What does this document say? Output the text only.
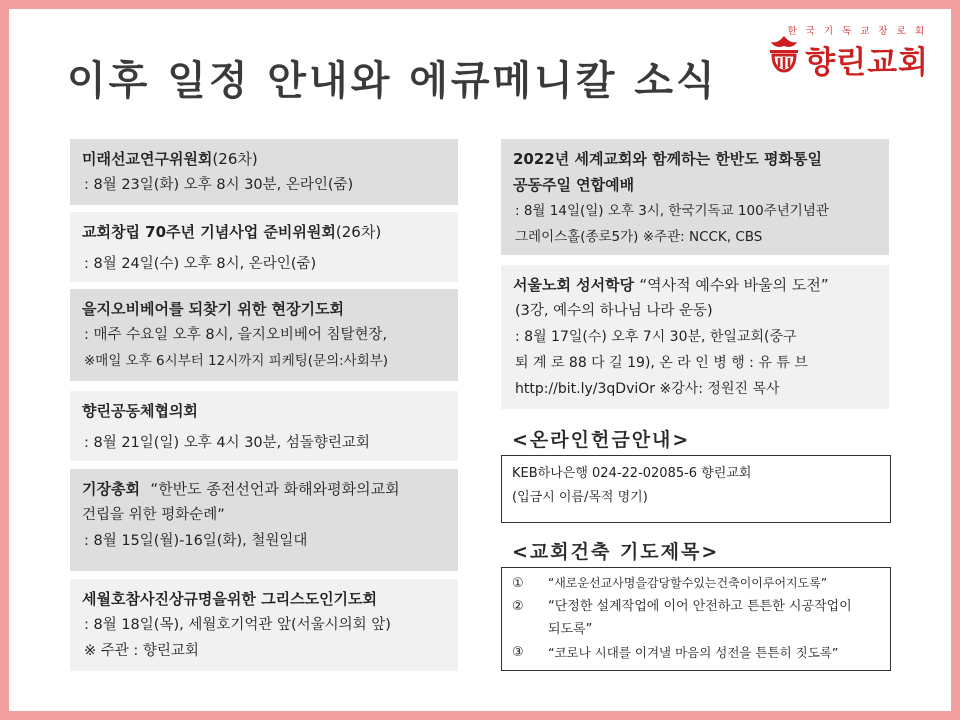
이후 일정 안내와 에큐메니칼 소식
한 국 기 독 교 장 로 회
향린교회
미래선교연구위원회(26차)
: 8월 23일(화) 오후 8시 30분, 온라인(줌)
교회창립 70주년 기념사업 준비위원회(26차)
: 8월 24일(수) 오후 8시, 온라인(줌)
을지오비베어를 되찾기 위한 현장기도회
: 매주 수요일 오후 8시, 을지오비베어 침탈현장,
※매일 오후 6시부터 12시까지 피케팅(문의:사회부)
향린공동체협의회
: 8월 21일(일) 오후 4시 30분, 섬돌향린교회
기장총회 “한반도 종전선언과 화해와평화의교회
건립을 위한 평화순례”
: 8월 15일(월)-16일(화), 철원일대
세월호참사진상규명을위한 그리스도인기도회
: 8월 18일(목), 세월호기억관 앞(서울시의회 앞)
※ 주관 : 향린교회
2022년 세계교회와 함께하는 한반도 평화통일
공동주일 연합예배
: 8월 14일(일) 오후 3시, 한국기독교 100주년기념관
그레이스홀(종로5가) ※주관: NCCK, CBS
서울노회 성서학당 “역사적 예수와 바울의 도전”
(3강, 예수의 하나님 나라 운동)
: 8월 17일(수) 오후 7시 30분, 한일교회(중구
퇴 계 로 88 다 길 19), 온 라 인 병 행 : 유 튜 브
http://bit.ly/3qDviOr ※강사: 정원진 목사
<온라인헌금안내>
KEB하나은행 024-22-02085-6 향린교회
(입금시 이름/목적 명기)
<교회건축 기도제목>
①	“새로운선교사명을감당할수있는건축이이루어지도록”
②	“단정한 설계작업에 이어 안전하고 튼튼한 시공작업이
되도록”
③	“코로나 시대를 이겨낼 마음의 성전을 튼튼히 짓도록”
